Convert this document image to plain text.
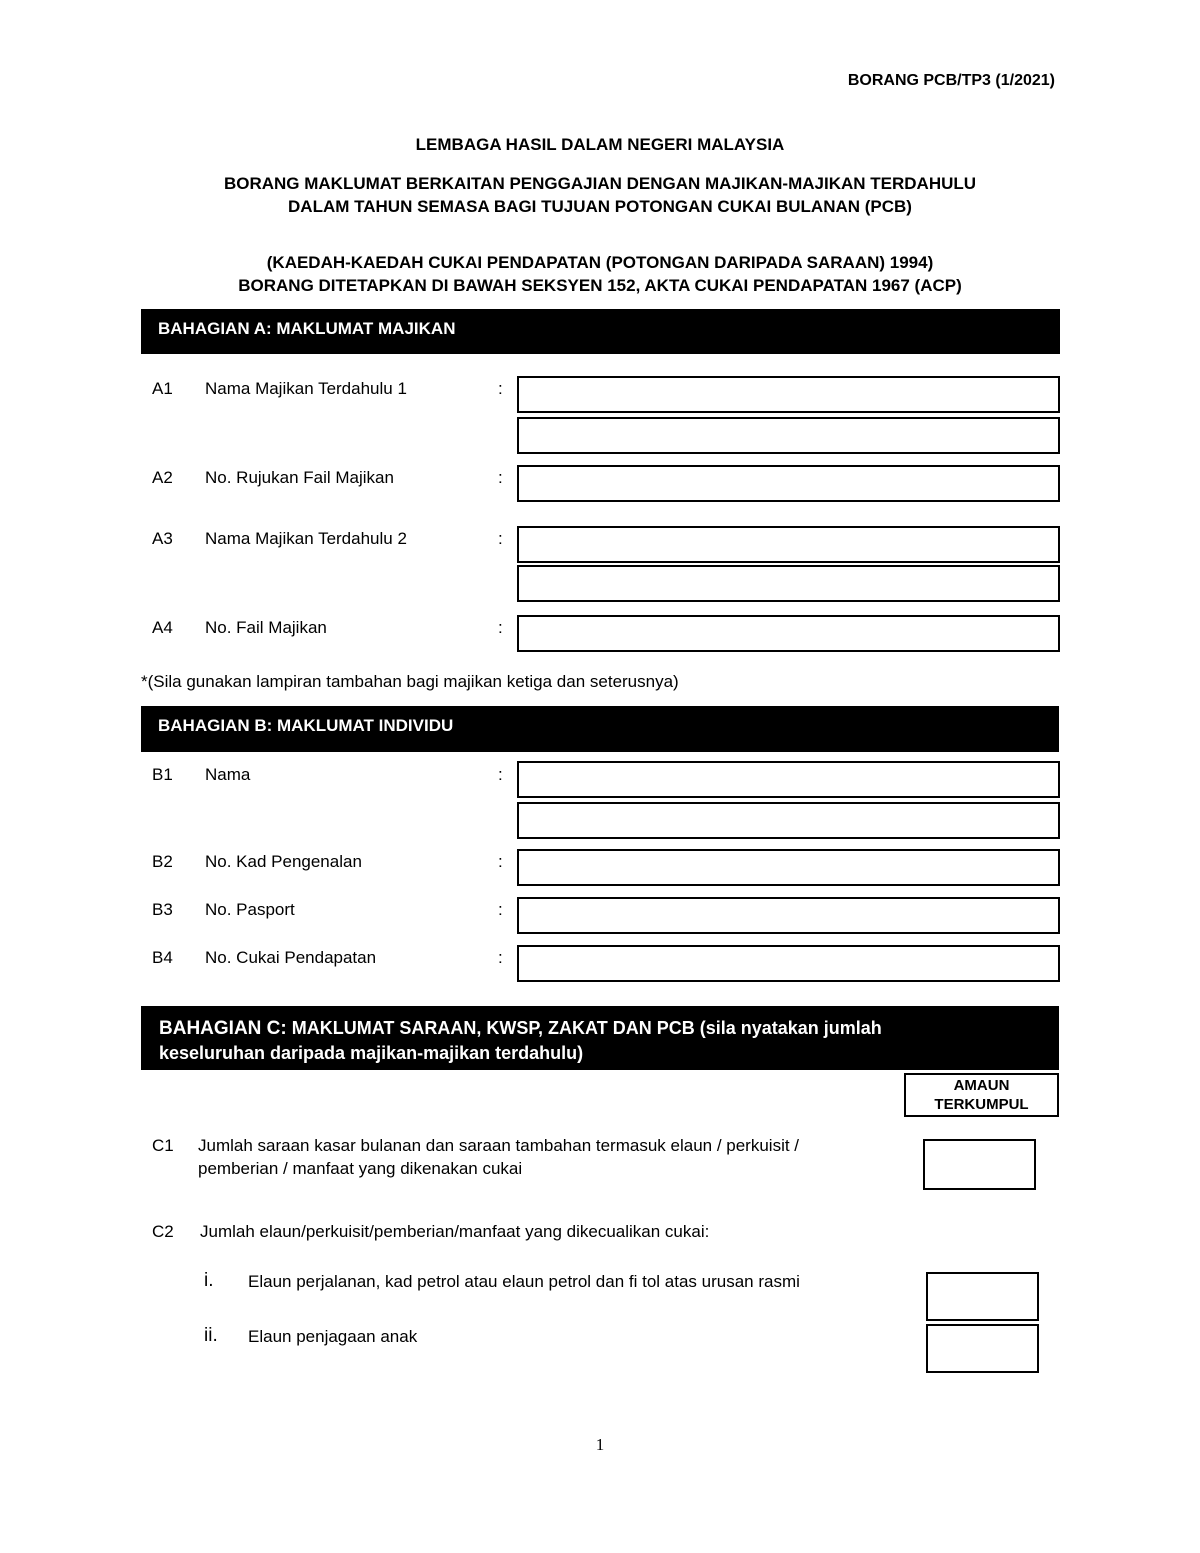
BORANG PCB/TP3 (1/2021)
LEMBAGA HASIL DALAM NEGERI MALAYSIA
BORANG MAKLUMAT BERKAITAN PENGGAJIAN DENGAN MAJIKAN-MAJIKAN TERDAHULU
DALAM TAHUN SEMASA BAGI TUJUAN POTONGAN CUKAI BULANAN (PCB)
(KAEDAH-KAEDAH CUKAI PENDAPATAN (POTONGAN DARIPADA SARAAN) 1994)
BORANG DITETAPKAN DI BAWAH SEKSYEN 152, AKTA CUKAI PENDAPATAN 1967 (ACP)
BAHAGIAN A: MAKLUMAT MAJIKAN
A1 Nama Majikan Terdahulu 1	:
A2 No. Rujukan Fail Majikan	:
A3 Nama Majikan Terdahulu 2	:
A4 No. Fail Majikan	:
*(Sila gunakan lampiran tambahan bagi majikan ketiga dan seterusnya)
BAHAGIAN B: MAKLUMAT INDIVIDU
B1 Nama	:
B2 No. Kad Pengenalan	:
B3 No. Pasport	:
B4 No. Cukai Pendapatan	:
BAHAGIAN C: MAKLUMAT SARAAN, KWSP, ZAKAT DAN PCB (sila nyatakan jumlah
keseluruhan daripada majikan-majikan terdahulu)
AMAUN
TERKUMPUL
C1 Jumlah saraan kasar bulanan dan saraan tambahan termasuk elaun / perkuisit /
pemberian / manfaat yang dikenakan cukai
C2 Jumlah elaun/perkuisit/pemberian/manfaat yang dikecualikan cukai:
i. Elaun perjalanan, kad petrol atau elaun petrol dan fi tol atas urusan rasmi
ii. Elaun penjagaan anak
1
